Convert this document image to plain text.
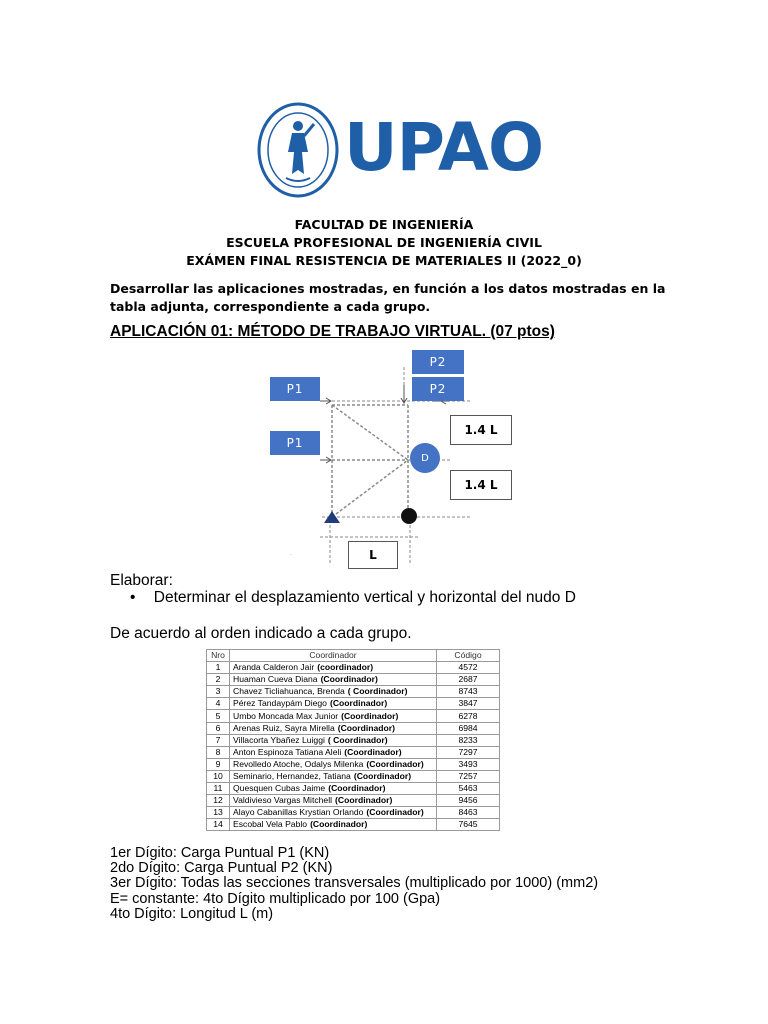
UPAO
FACULTAD DE INGENIERÍA
ESCUELA PROFESIONAL DE INGENIERÍA CIVIL
EXÁMEN FINAL RESISTENCIA DE MATERIALES II (2022_0)
Desarrollar las aplicaciones mostradas, en función a los datos mostradas en la tabla adjunta, correspondiente a cada grupo.
APLICACIÓN 01: MÉTODO DE TRABAJO VIRTUAL. (07 ptos)
.
P1
P1
P2
P2
D
1.4 L
1.4 L
L
Elaborar:
• Determinar el desplazamiento vertical y horizontal del nudo D
De acuerdo al orden indicado a cada grupo.
Nro	Coordinador	Código
1	Aranda Calderon Jair (coordinador)	4572
2	Huaman Cueva Diana (Coordinador)	2687
3	Chavez Ticliahuanca, Brenda ( Coordinador)	8743
4	Pérez Tandaypám Diego (Coordinador)	3847
5	Umbo Moncada Max Junior (Coordinador)	6278
6	Arenas Ruiz, Sayra Mirella (Coordinador)	6984
7	Villacorta Ybañez Luiggi ( Coordinador)	8233
8	Anton Espinoza Tatiana Aleli (Coordinador)	7297
9	Revolledo Atoche, Odalys Milenka (Coordinador)	3493
10	Seminario, Hernandez, Tatiana (Coordinador)	7257
11	Quesquen Cubas Jaime (Coordinador)	5463
12	Valdivieso Vargas Mitchell (Coordinador)	9456
13	Alayo Cabanillas Krystian Orlando (Coordinador)	8463
14	Escobal Vela Pablo (Coordinador)	7645
1er Dígito: Carga Puntual P1 (KN)
2do Dígito: Carga Puntual P2 (KN)
3er Dígito: Todas las secciones transversales (multiplicado por 1000) (mm2)
E= constante: 4to Dígito multiplicado por 100 (Gpa)
4to Dígito: Longitud L (m)
